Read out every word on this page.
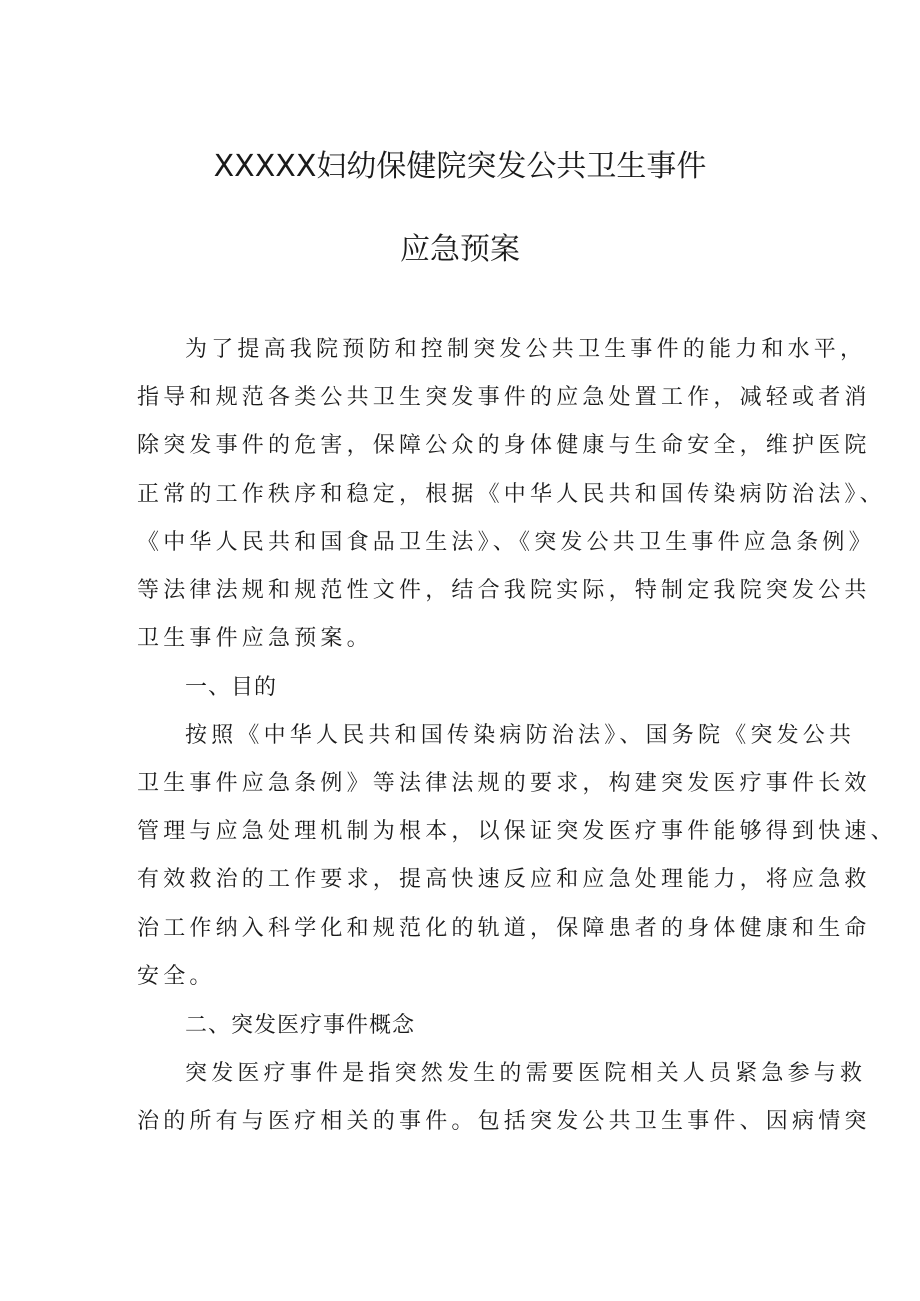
XXXXX妇幼保健院突发公共卫生事件
应急预案
为了提高我院预防和控制突发公共卫生事件的能力和水平，
指导和规范各类公共卫生突发事件的应急处置工作，减轻或者消
除突发事件的危害，保障公众的身体健康与生命安全，维护医院
正常的工作秩序和稳定，根据《中华人民共和国传染病防治法》、
《中华人民共和国食品卫生法》、《突发公共卫生事件应急条例》
等法律法规和规范性文件，结合我院实际，特制定我院突发公共
卫生事件应急预案。
一、目的
按照《中华人民共和国传染病防治法》、国务院《突发公共
卫生事件应急条例》等法律法规的要求，构建突发医疗事件长效
管理与应急处理机制为根本，以保证突发医疗事件能够得到快速、
有效救治的工作要求，提高快速反应和应急处理能力，将应急救
治工作纳入科学化和规范化的轨道，保障患者的身体健康和生命
安全。
二、突发医疗事件概念
突发医疗事件是指突然发生的需要医院相关人员紧急参与救
治的所有与医疗相关的事件。包括突发公共卫生事件、因病情突
